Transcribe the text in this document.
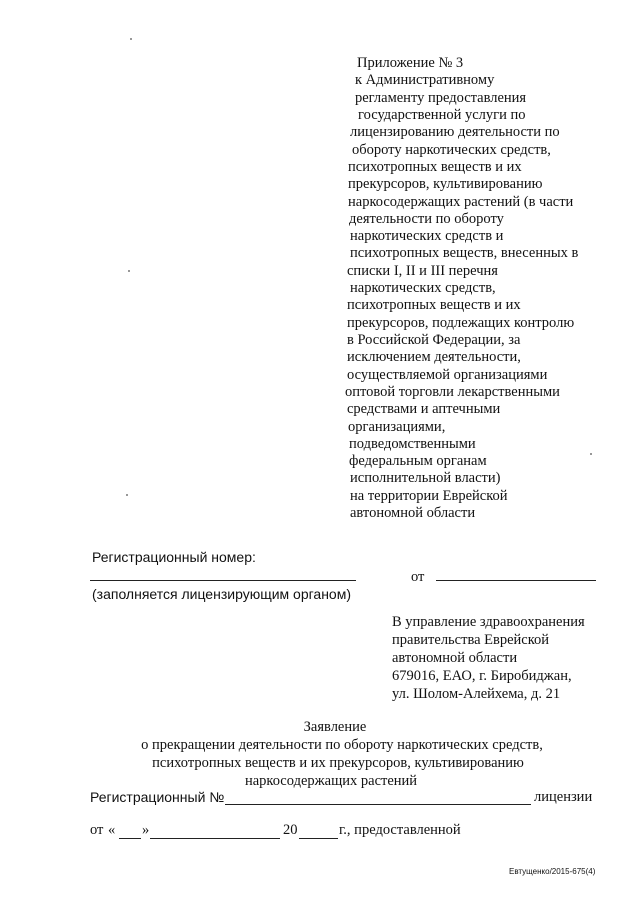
Приложение № 3
к Административному
регламенту предоставления
государственной услуги по
лицензированию деятельности по
обороту наркотических средств,
психотропных веществ и их
прекурсоров, культивированию
наркосодержащих растений (в части
деятельности по обороту
наркотических средств и
психотропных веществ, внесенных в
списки I, II и III перечня
наркотических средств,
психотропных веществ и их
прекурсоров, подлежащих контролю
в Российской Федерации, за
исключением деятельности,
осуществляемой организациями
оптовой торговли лекарственными
средствами и аптечными
организациями,
подведомственными
федеральным органам
исполнительной власти)
на территории Еврейской
автономной области
Регистрационный номер:
от
(заполняется лицензирующим органом)
В управление здравоохранения
правительства Еврейской
автономной области
679016, ЕАО, г. Биробиджан,
ул. Шолом-Алейхема, д. 21
Заявление
о прекращении деятельности по обороту наркотических средств,
психотропных веществ и их прекурсоров, культивированию
наркосодержащих растений
Регистрационный №	лицензии
от « »	20	г., предоставленной
Евтущенко/2015-675(4)
